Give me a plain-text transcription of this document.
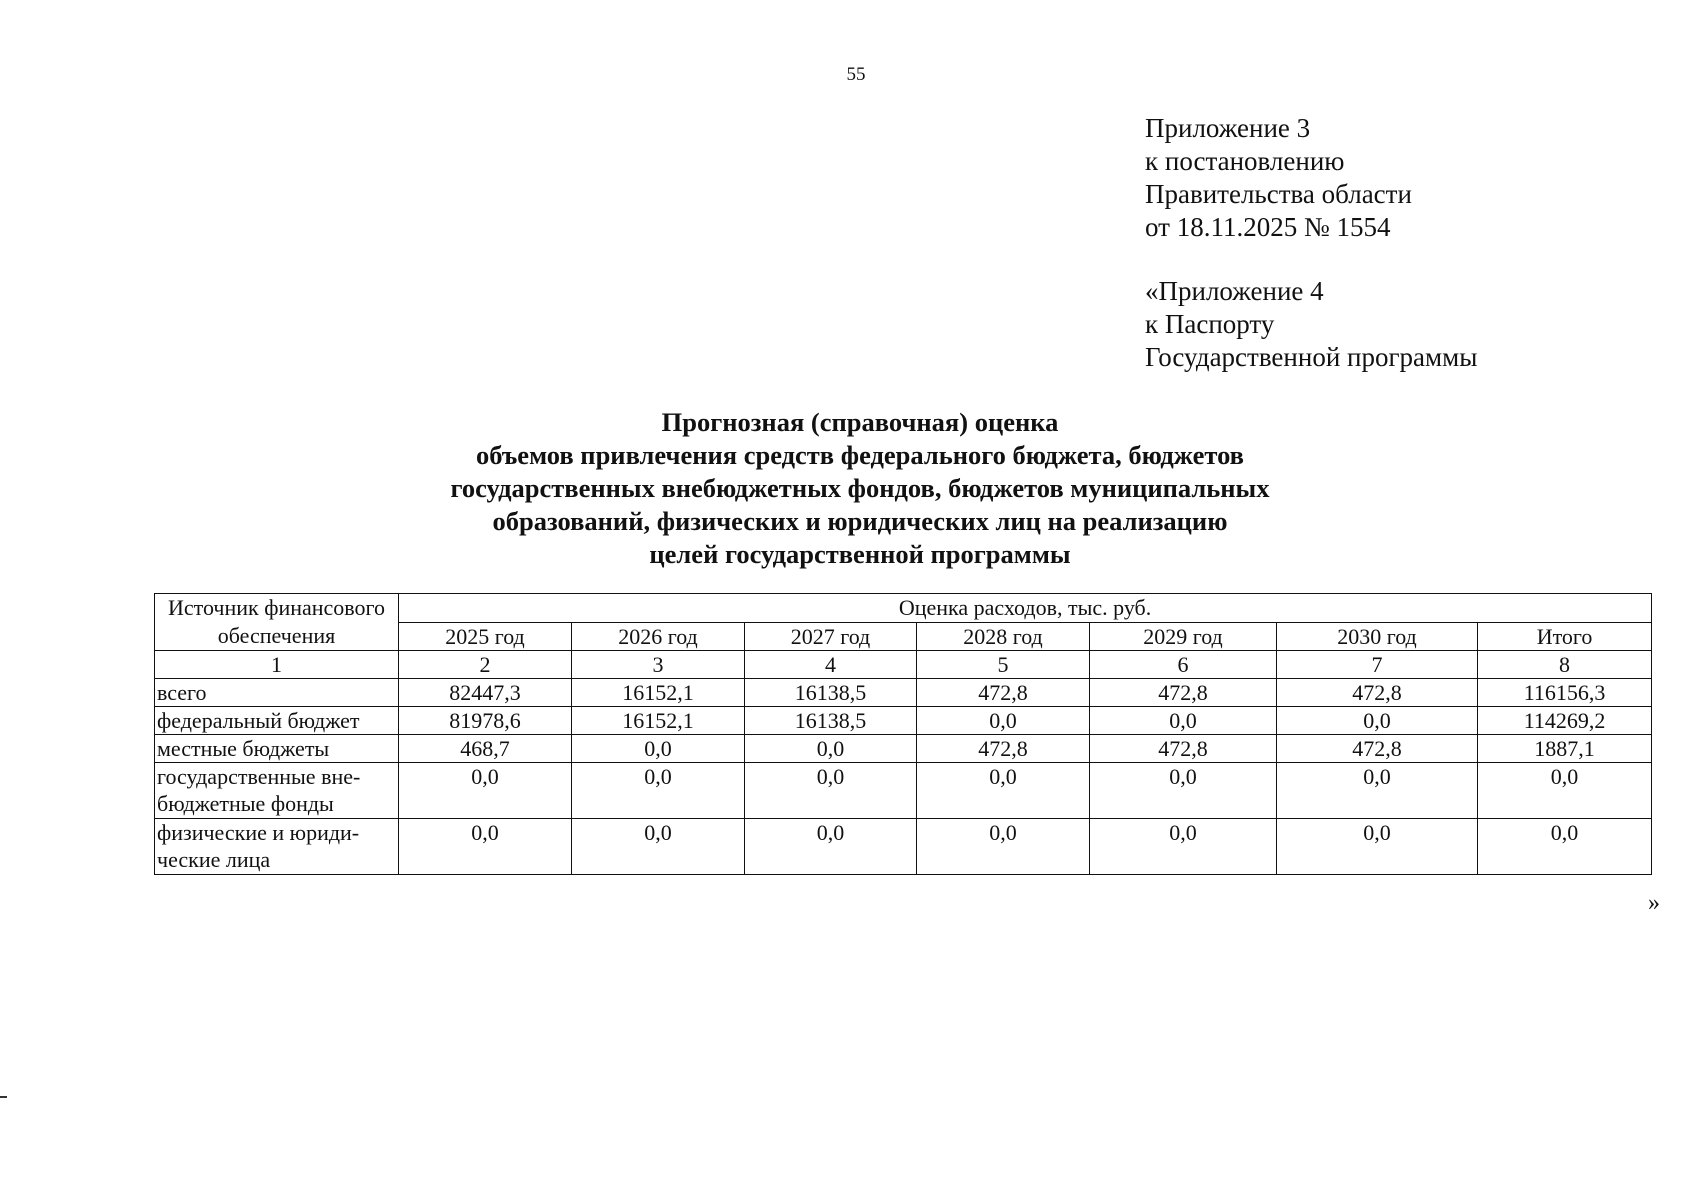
55
Приложение 3
к постановлению
Правительства области
от 18.11.2025 № 1554
«Приложение 4
к Паспорту
Государственной программы
Прогнозная (справочная) оценка
объемов привлечения средств федерального бюджета, бюджетов
государственных внебюджетных фондов, бюджетов муниципальных
образований, физических и юридических лиц на реализацию
целей государственной программы
Источник финансового обеспечения	Оценка расходов, тыс. руб.						
	2025 год	2026 год	2027 год	2028 год	2029 год	2030 год	Итого
1	2	3	4	5	6	7	8
всего	82447,3	16152,1	16138,5	472,8	472,8	472,8	116156,3
федеральный бюджет	81978,6	16152,1	16138,5	0,0	0,0	0,0	114269,2
местные бюджеты	468,7	0,0	0,0	472,8	472,8	472,8	1887,1
государственные вне-бюджетные фонды	0,0	0,0	0,0	0,0	0,0	0,0	0,0
физические и юриди-ческие лица	0,0	0,0	0,0	0,0	0,0	0,0	0,0
»
